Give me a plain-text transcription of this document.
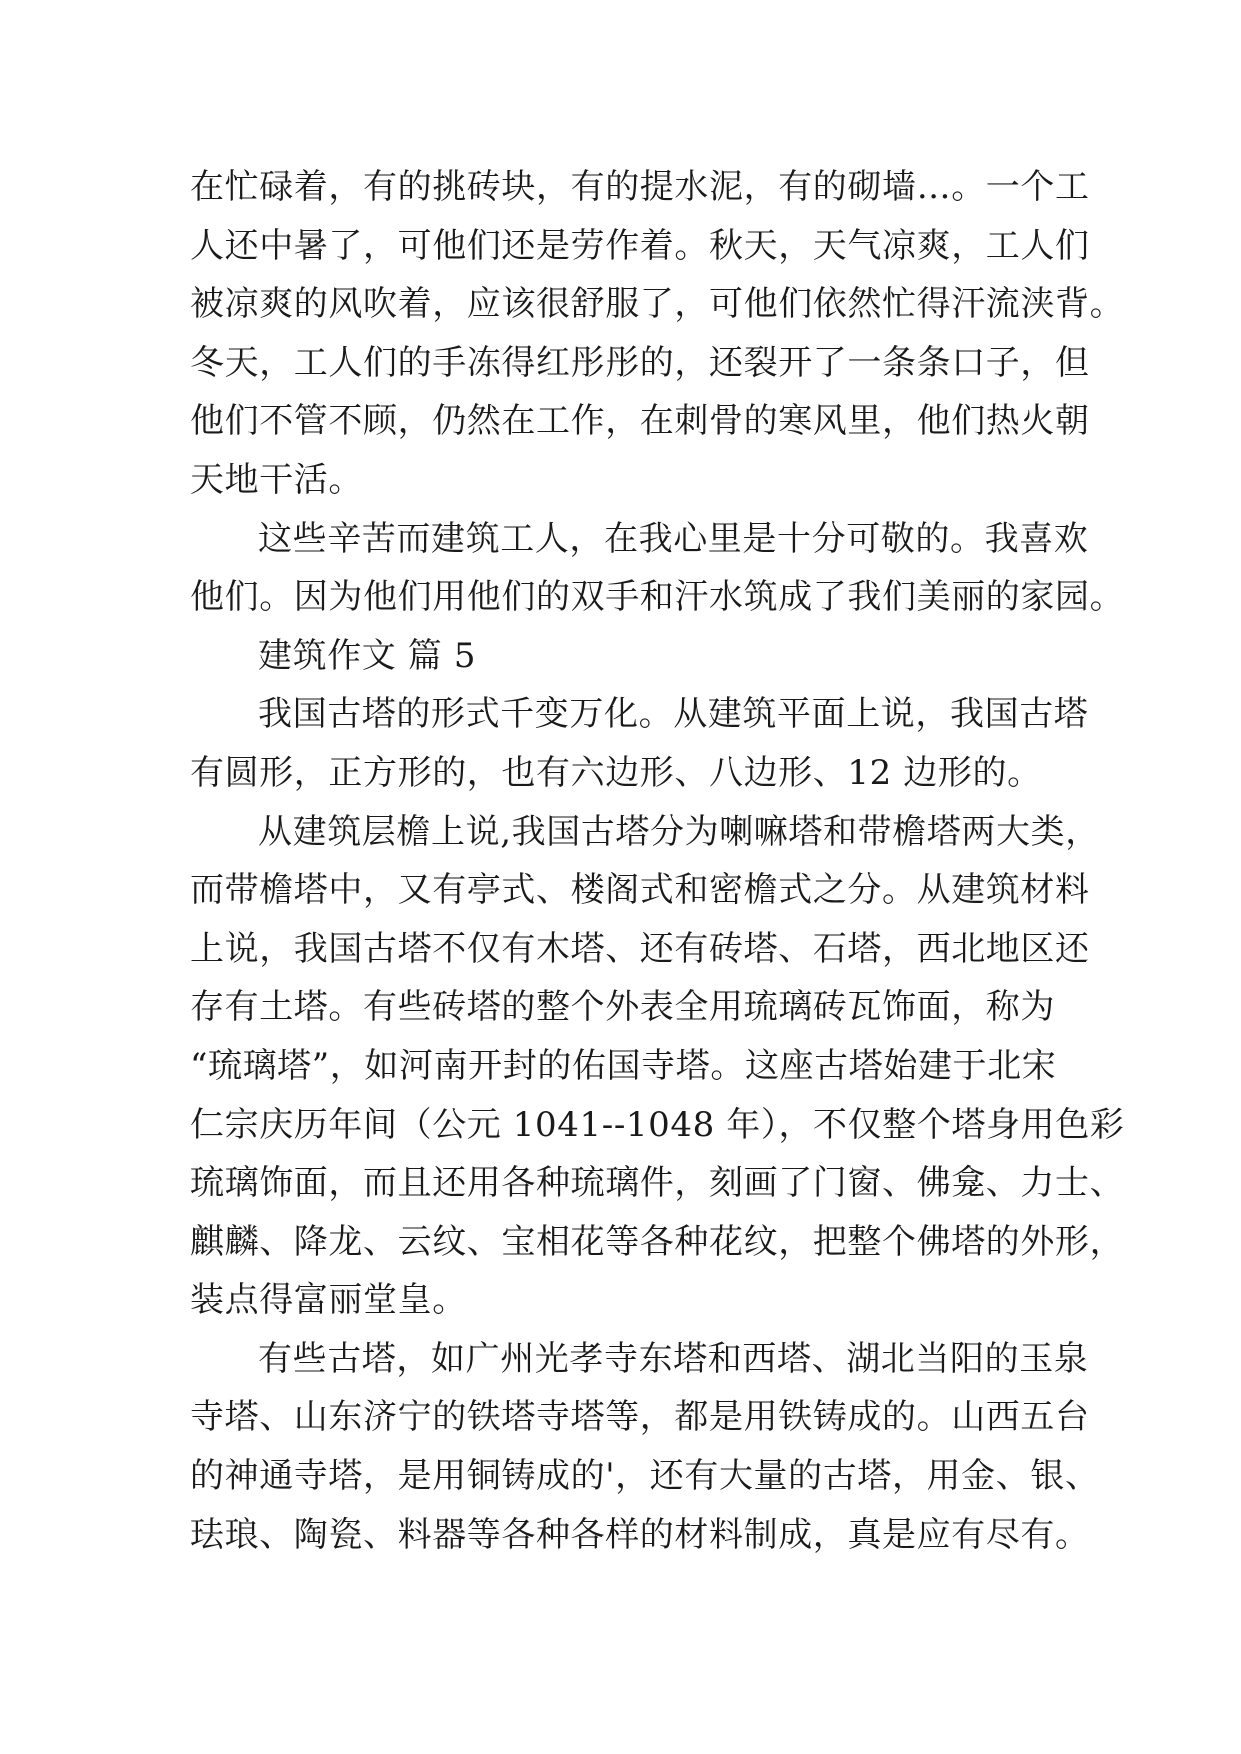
在忙碌着，有的挑砖块，有的提水泥，有的砌墙…。一个工
人还中暑了，可他们还是劳作着。秋天，天气凉爽，工人们
被凉爽的风吹着，应该很舒服了，可他们依然忙得汗流浃背。
冬天，工人们的手冻得红彤彤的，还裂开了一条条口子，但
他们不管不顾，仍然在工作，在刺骨的寒风里，他们热火朝
天地干活。
这些辛苦而建筑工人，在我心里是十分可敬的。我喜欢
他们。因为他们用他们的双手和汗水筑成了我们美丽的家园。
建筑作文 篇 5
我国古塔的形式千变万化。从建筑平面上说，我国古塔
有圆形，正方形的，也有六边形、八边形、12 边形的。
从建筑层檐上说,我国古塔分为喇嘛塔和带檐塔两大类，
而带檐塔中，又有亭式、楼阁式和密檐式之分。从建筑材料
上说，我国古塔不仅有木塔、还有砖塔、石塔，西北地区还
存有土塔。有些砖塔的整个外表全用琉璃砖瓦饰面，称为
“琉璃塔”，如河南开封的佑国寺塔。这座古塔始建于北宋
仁宗庆历年间（公元 1041--1048 年），不仅整个塔身用色彩
琉璃饰面，而且还用各种琉璃件，刻画了门窗、佛龛、力士、
麒麟、降龙、云纹、宝相花等各种花纹，把整个佛塔的外形，
装点得富丽堂皇。
有些古塔，如广州光孝寺东塔和西塔、湖北当阳的玉泉
寺塔、山东济宁的铁塔寺塔等，都是用铁铸成的。山西五台
的神通寺塔，是用铜铸成的'，还有大量的古塔，用金、银、
珐琅、陶瓷、料器等各种各样的材料制成，真是应有尽有。
